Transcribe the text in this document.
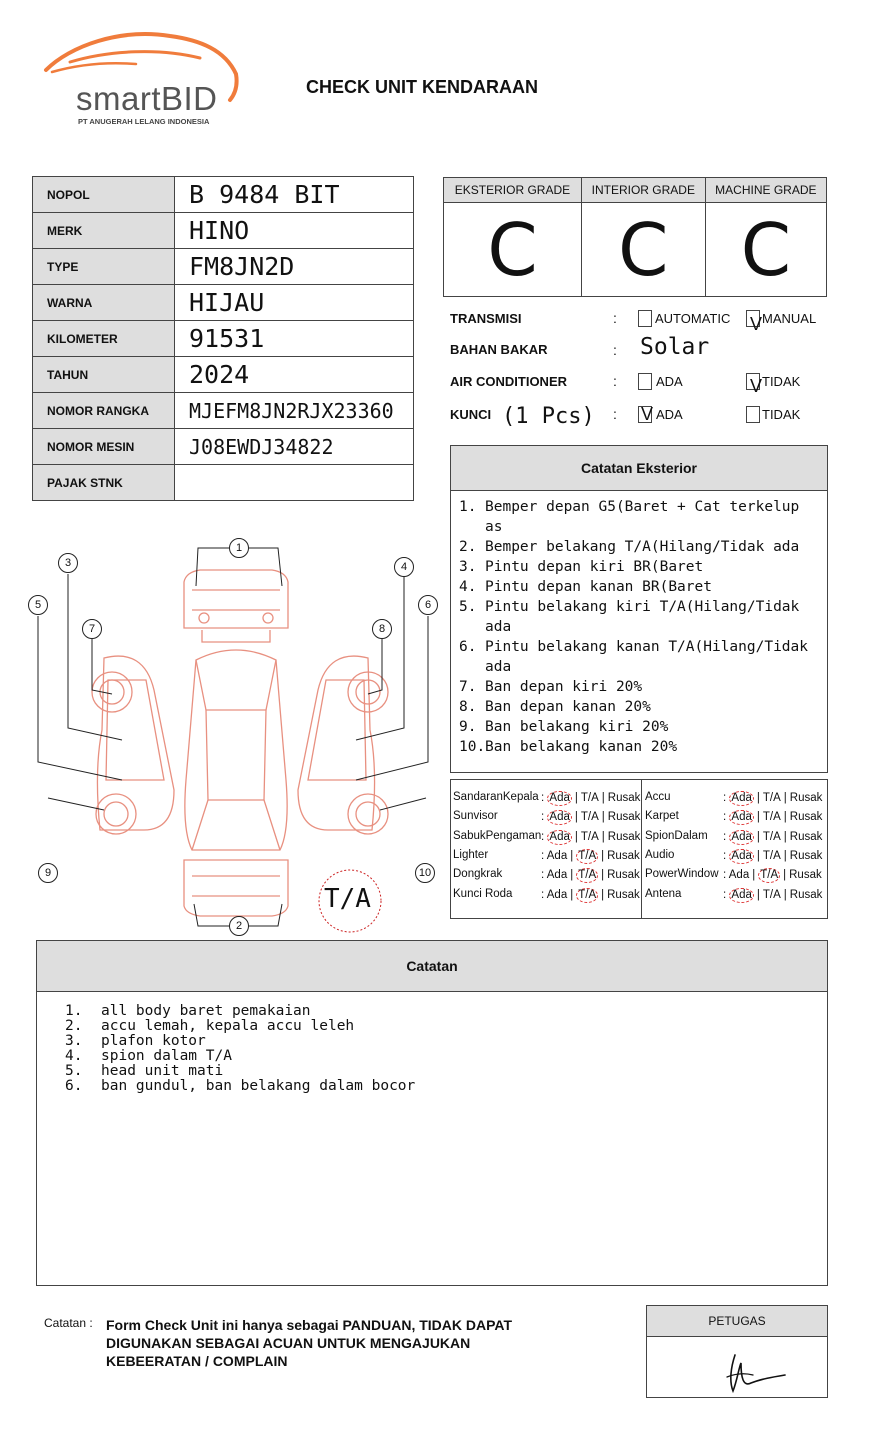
smartBID
PT ANUGERAH LELANG INDONESIA
CHECK UNIT KENDARAAN
NOPOL	B 9484 BIT
MERK	HINO
TYPE	FM8JN2D
WARNA	HIJAU
KILOMETER	91531
TAHUN	2024
NOMOR RANGKA	MJEFM8JN2RJX23360
NOMOR MESIN	J08EWDJ34822
PAJAK STNK	
EKSTERIOR GRADE	INTERIOR GRADE	MACHINE GRADE
C	C	C
TRANSMISI	:	AUTOMATIC V MANUAL
BAHAN BAKAR	: Solar
AIR CONDITIONER	:	ADA	V TIDAK
KUNCI (1 Pcs) : V ADA	TIDAK
Catatan Eksterior
1. Bemper depan G5(Baret + Cat terkelup as
2. Bemper belakang T/A(Hilang/Tidak ada
3. Pintu depan kiri BR(Baret
4. Pintu depan kanan BR(Baret
5. Pintu belakang kiri T/A(Hilang/Tidak ada
6. Pintu belakang kanan T/A(Hilang/Tidak ada
7. Ban depan kiri 20%
8. Ban depan kanan 20%
9. Ban belakang kiri 20%
10. Ban belakang kanan 20%
SandaranKepala : Ada | T/A | Rusak
Sunvisor	: Ada | T/A | Rusak
SabukPengaman : Ada | T/A | Rusak
Lighter	: Ada | T/A | Rusak
Dongkrak	: Ada | T/A | Rusak
Kunci Roda : Ada | T/A | Rusak
Accu	: Ada | T/A | Rusak
Karpet	: Ada | T/A | Rusak
SpionDalam : Ada | T/A | Rusak
Audio	: Ada | T/A | Rusak
PowerWindow : Ada | T/A | Rusak
Antena	: Ada | T/A | Rusak
1
2
3	4
5	6
7	8
9	10
T/A
Catatan
1.	all body baret pemakaian
2.	accu lemah, kepala accu leleh
3.	plafon kotor
4.	spion dalam T/A
5.	head unit mati
6.	ban gundul, ban belakang dalam bocor
Catatan : Form Check Unit ini hanya sebagai PANDUAN, TIDAK DAPAT DIGUNAKAN SEBAGAI ACUAN UNTUK MENGAJUKAN KEBEERATAN / COMPLAIN
PETUGAS
